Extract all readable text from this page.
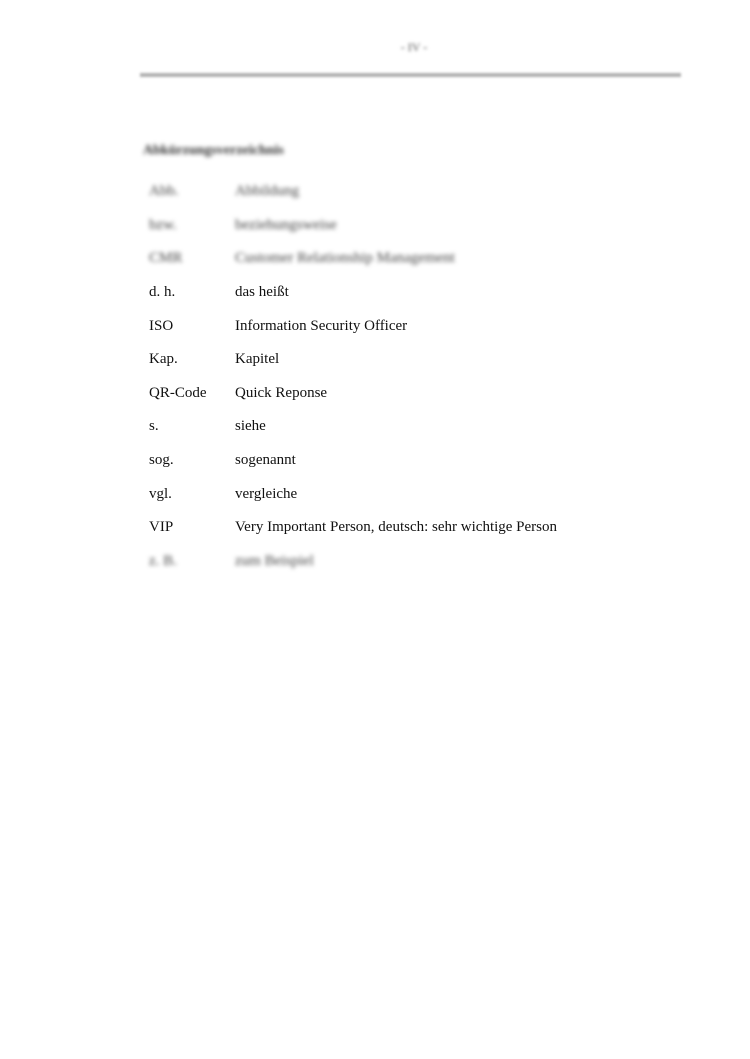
- IV -
Abkürzungsverzeichnis
Abb.	Abbildung
bzw.	beziehungsweise
CMR	Customer Relationship Management
d. h.	das heißt
ISO	Information Security Officer
Kap.	Kapitel
QR-Code	Quick Reponse
s.	siehe
sog.	sogenannt
vgl.	vergleiche
VIP	Very Important Person, deutsch: sehr wichtige Person
z. B.	zum Beispiel
